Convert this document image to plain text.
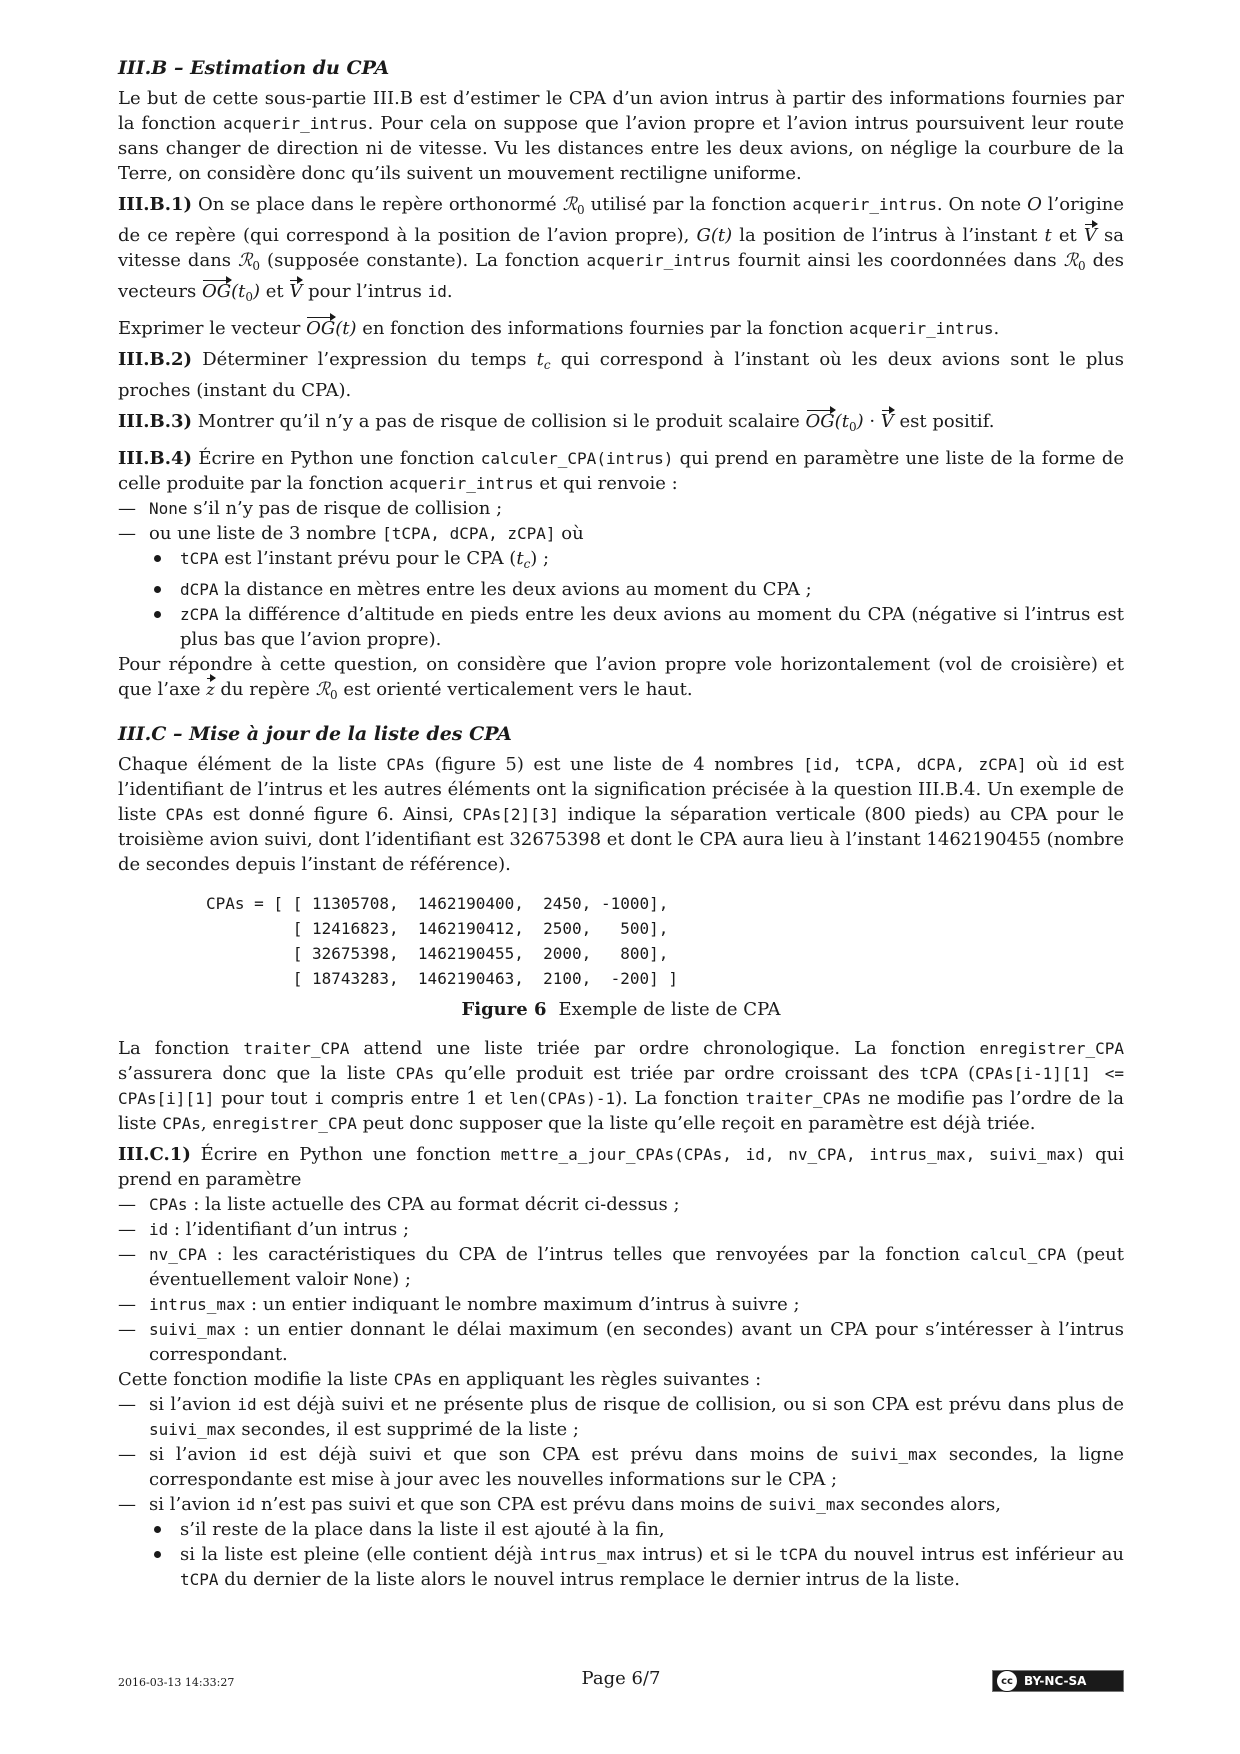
III.B – Estimation du CPA

Le but de cette sous-partie III.B est d’estimer le CPA d’un avion intrus à partir des informations fournies par la fonction acquerir_intrus. Pour cela on suppose que l’avion propre et l’avion intrus poursuivent leur route sans changer de direction ni de vitesse. Vu les distances entre les deux avions, on néglige la courbure de la Terre, on considère donc qu’ils suivent un mouvement rectiligne uniforme.

III.B.1) On se place dans le repère orthonormé ℛ$_0$ utilisé par la fonction acquerir_intrus. On note O l’origine de ce repère (qui correspond à la position de l’avion propre), G(t) la position de l’intrus à l’instant t et V sa vitesse dans ℛ$_0$ (supposée constante). La fonction acquerir_intrus fournit ainsi les coordonnées dans ℛ$_0$ des vecteurs $OG(t_0)$ et V pour l’intrus id.

Exprimer le vecteur OG(t) en fonction des informations fournies par la fonction acquerir_intrus.

III.B.2) Déterminer l’expression du temps $t_c$ qui correspond à l’instant où les deux avions sont le plus proches (instant du CPA).

III.B.3) Montrer qu’il n’y a pas de risque de collision si le produit scalaire $OG(t_0) \cdot V$ est positif.

III.B.4) Écrire en Python une fonction calculer_CPA(intrus) qui prend en paramètre une liste de la forme de celle produite par la fonction acquerir_intrus et qui renvoie :

— None s’il n’y pas de risque de collision ;
— ou une liste de 3 nombre [tCPA, dCPA, zCPA] où
tCPA est l’instant prévu pour le CPA $(t_c)$ ;
dCPA la distance en mètres entre les deux avions au moment du CPA ;
zCPA la différence d’altitude en pieds entre les deux avions au moment du CPA (négative si l’intrus est plus bas que l’avion propre).

Pour répondre à cette question, on considère que l’avion propre vole horizontalement (vol de croisière) et que l’axe z du repère ℛ$_0$ est orienté verticalement vers le haut.

III.C – Mise à jour de la liste des CPA

Chaque élément de la liste CPAs (figure 5) est une liste de 4 nombres [id, tCPA, dCPA, zCPA] où id est l’identifiant de l’intrus et les autres éléments ont la signification précisée à la question III.B.4. Un exemple de liste CPAs est donné figure 6. Ainsi, CPAs[2][3] indique la séparation verticale (800 pieds) au CPA pour le troisième avion suivi, dont l’identifiant est 32675398 et dont le CPA aura lieu à l’instant 1462190455 (nombre de secondes depuis l’instant de référence).

CPAs = [ [ 11305708,  1462190400,  2450, -1000],
[ 12416823,  1462190412,  2500,   500],
[ 32675398,  1462190455,  2000,   800],
[ 18743283,  1462190463,  2100,  -200] ]
Figure 6 Exemple de liste de CPA

La fonction traiter_CPA attend une liste triée par ordre chronologique. La fonction enregistrer_CPA s’assurera donc que la liste CPAs qu’elle produit est triée par ordre croissant des tCPA (CPAs[i-1][1] <= CPAs[i][1] pour tout i compris entre 1 et len(CPAs)-1). La fonction traiter_CPAs ne modifie pas l’ordre de la liste CPAs, enregistrer_CPA peut donc supposer que la liste qu’elle reçoit en paramètre est déjà triée.

III.C.1) Écrire en Python une fonction mettre_a_jour_CPAs(CPAs, id, nv_CPA, intrus_max, suivi_max) qui prend en paramètre

— CPAs : la liste actuelle des CPA au format décrit ci-dessus ;
— id : l’identifiant d’un intrus ;
— nv_CPA : les caractéristiques du CPA de l’intrus telles que renvoyées par la fonction calcul_CPA (peut éventuellement valoir None) ;
— intrus_max : un entier indiquant le nombre maximum d’intrus à suivre ;
— suivi_max : un entier donnant le délai maximum (en secondes) avant un CPA pour s’intéresser à l’intrus correspondant.

Cette fonction modifie la liste CPAs en appliquant les règles suivantes :

— si l’avion id est déjà suivi et ne présente plus de risque de collision, ou si son CPA est prévu dans plus de suivi_max secondes, il est supprimé de la liste ;
— si l’avion id est déjà suivi et que son CPA est prévu dans moins de suivi_max secondes, la ligne correspondante est mise à jour avec les nouvelles informations sur le CPA ;
— si l’avion id n’est pas suivi et que son CPA est prévu dans moins de suivi_max secondes alors,
s’il reste de la place dans la liste il est ajouté à la fin,
si la liste est pleine (elle contient déjà intrus_max intrus) et si le tCPA du nouvel intrus est inférieur au tCPA du dernier de la liste alors le nouvel intrus remplace le dernier intrus de la liste.
2016-03-13 14:33:27	Page 6/7	cc BY-NC-SA
